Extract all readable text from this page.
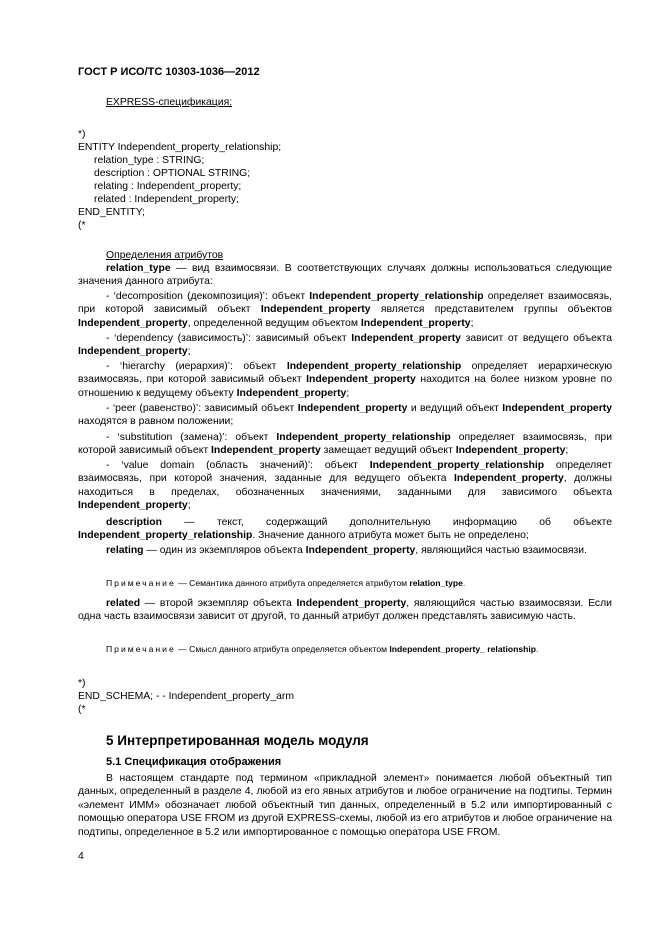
ГОСТ Р ИСО/ТС 10303-1036—2012
EXPRESS-спецификация:
*)
ENTITY Independent_property_relationship;
relation_type : STRING;
description : OPTIONAL STRING;
relating : Independent_property;
related : Independent_property;
END_ENTITY;
(*
Определения атрибутов
relation_type — вид взаимосвязи. В соответствующих случаях должны использоваться следующие значения данного атрибута:
- ‘decomposition (декомпозиция)’: объект Independent_property_relationship определяет взаимосвязь, при которой зависимый объект Independent_property является представителем группы объектов Independent_property, определенной ведущим объектом Independent_property;
- ‘dependency (зависимость)’: зависимый объект Independent_property зависит от ведущего объекта Independent_property;
- ‘hierarchy (иерархия)’: объект Independent_property_relationship определяет иерархическую взаимосвязь, при которой зависимый объект Independent_property находится на более низком уровне по отношению к ведущему объекту Independent_property;
- ‘peer (равенство)’: зависимый объект Independent_property и ведущий объект Independent_property находятся в равном положении;
- ‘substitution (замена)’: объект Independent_property_relationship определяет взаимосвязь, при которой зависимый объект Independent_property замещает ведущий объект Independent_property;
- ‘value domain (область значений)’: объект Independent_property_relationship определяет взаимосвязь, при которой значения, заданные для ведущего объекта Independent_property, должны находиться в пределах, обозначенных значениями, заданными для зависимого объекта Independent_property;
description — текст, содержащий дополнительную информацию об объекте Independent_property_relationship. Значение данного атрибута может быть не определено;
relating — один из экземпляров объекта Independent_property, являющийся частью взаимосвязи.
Примечание — Семантика данного атрибута определяется атрибутом relation_type.
related — второй экземпляр объекта Independent_property, являющийся частью взаимосвязи. Если одна часть взаимосвязи зависит от другой, то данный атрибут должен представлять зависимую часть.
Примечание — Смысл данного атрибута определяется объектом Independent_property_ relationship.
*)
END_SCHEMA; - - Independent_property_arm
(*
5 Интерпретированная модель модуля
5.1 Спецификация отображения
В настоящем стандарте под термином «прикладной элемент» понимается любой объектный тип данных, определенный в разделе 4, любой из его явных атрибутов и любое ограничение на подтипы. Термин «элемент ИММ» обозначает любой объектный тип данных, определенный в 5.2 или импортированный с помощью оператора USE FROM из другой EXPRESS-схемы, любой из его атрибутов и любое ограничение на подтипы, определенное в 5.2 или импортированное с помощью оператора USE FROM.
4
